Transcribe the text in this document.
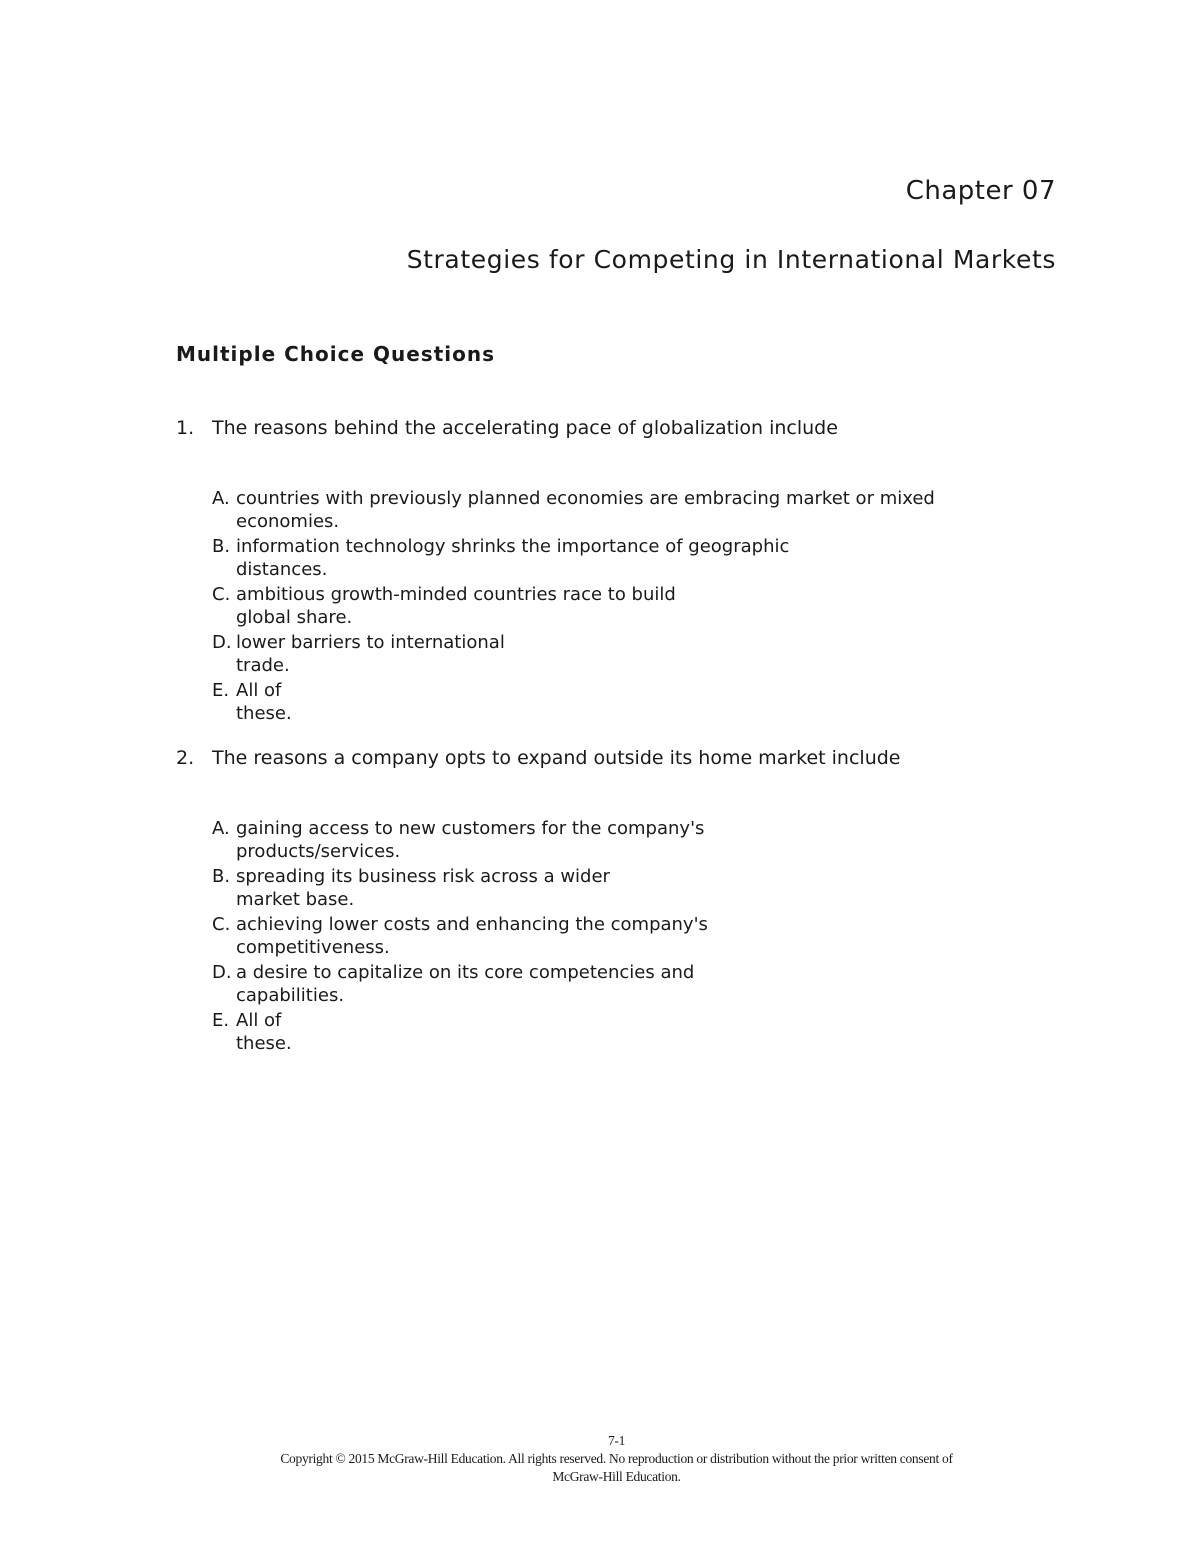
Chapter 07
Strategies for Competing in International Markets
Multiple Choice Questions
1. The reasons behind the accelerating pace of globalization include
A. countries with previously planned economies are embracing market or mixed
economies.
B. information technology shrinks the importance of geographic
distances.
C. ambitious growth-minded countries race to build
global share.
D. lower barriers to international
trade.
E. All of
these.
2. The reasons a company opts to expand outside its home market include
A. gaining access to new customers for the company's
products/services.
B. spreading its business risk across a wider
market base.
C. achieving lower costs and enhancing the company's
competitiveness.
D. a desire to capitalize on its core competencies and
capabilities.
E. All of
these.
7-1
Copyright © 2015 McGraw-Hill Education. All rights reserved. No reproduction or distribution without the prior written consent of
McGraw-Hill Education.
